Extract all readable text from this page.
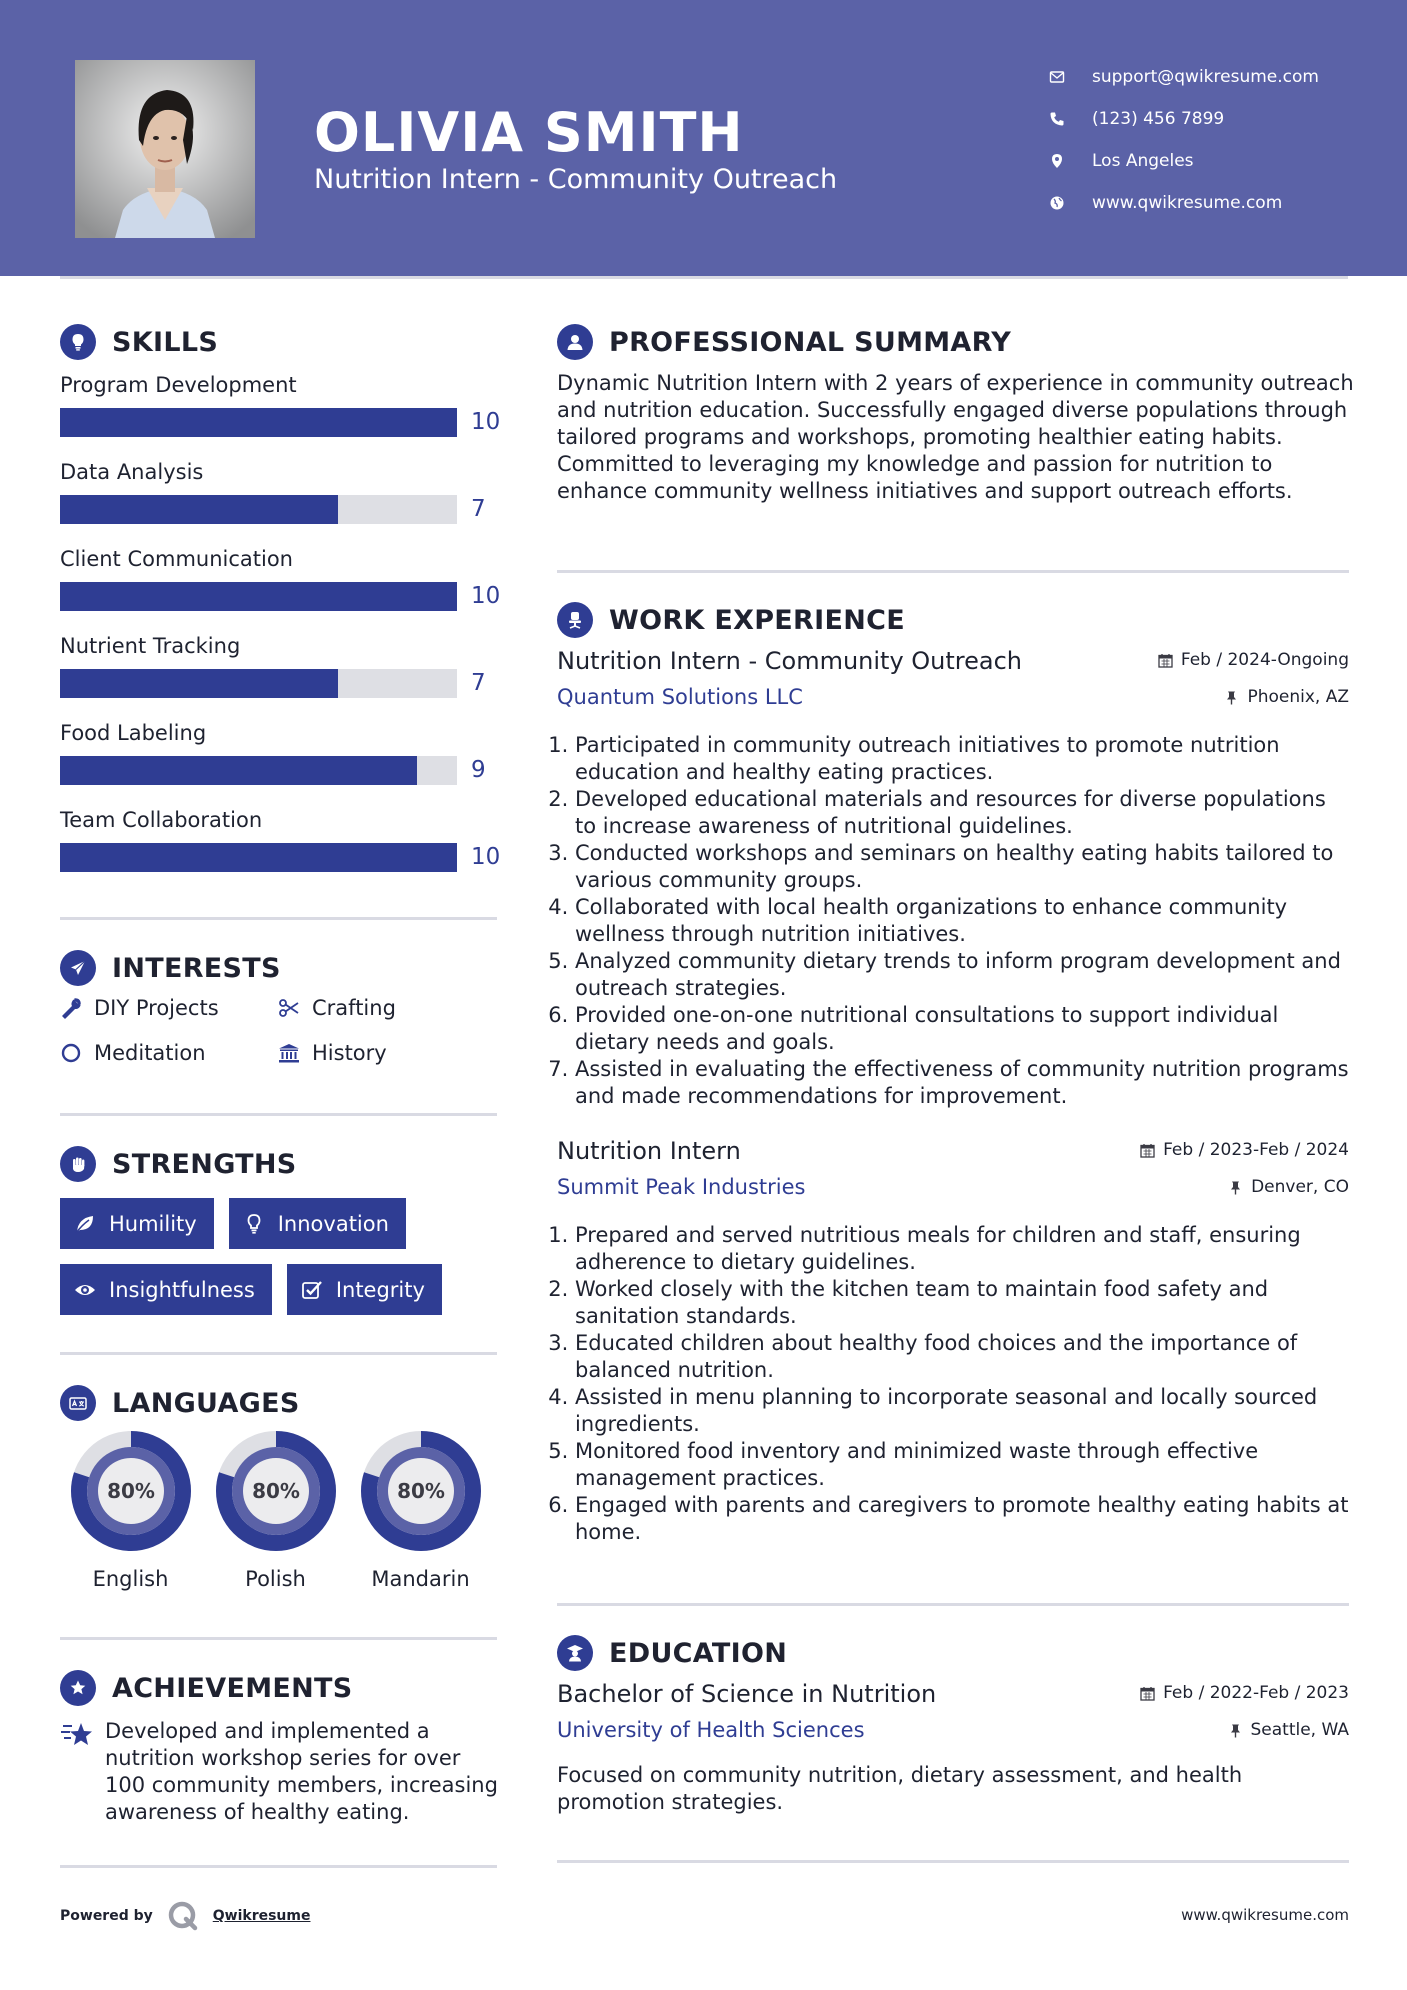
OLIVIA SMITH
Nutrition Intern - Community Outreach
support@qwikresume.com
(123) 456 7899
Los Angeles
www.qwikresume.com
SKILLS
Program Development
10
Data Analysis
7
Client Communication
10
Nutrient Tracking
7
Food Labeling
9
Team Collaboration
10
INTERESTS
DIY Projects	Crafting
Meditation	History
STRENGTHS
Humility	Innovation
Insightfulness	Integrity
LANGUAGES
80%
English
80%
Polish
80%
Mandarin
ACHIEVEMENTS
Developed and implemented a nutrition workshop series for over 100 community members, increasing awareness of healthy eating.
PROFESSIONAL SUMMARY
Dynamic Nutrition Intern with 2 years of experience in community outreach and nutrition education. Successfully engaged diverse populations through tailored programs and workshops, promoting healthier eating habits. Committed to leveraging my knowledge and passion for nutrition to enhance community wellness initiatives and support outreach efforts.
WORK EXPERIENCE
Nutrition Intern - Community Outreach	Feb / 2024-Ongoing
Quantum Solutions LLC	Phoenix, AZ
1. Participated in community outreach initiatives to promote nutrition education and healthy eating practices.
2. Developed educational materials and resources for diverse populations to increase awareness of nutritional guidelines.
3. Conducted workshops and seminars on healthy eating habits tailored to various community groups.
4. Collaborated with local health organizations to enhance community wellness through nutrition initiatives.
5. Analyzed community dietary trends to inform program development and outreach strategies.
6. Provided one-on-one nutritional consultations to support individual dietary needs and goals.
7. Assisted in evaluating the effectiveness of community nutrition programs and made recommendations for improvement.
Nutrition Intern	Feb / 2023-Feb / 2024
Summit Peak Industries	Denver, CO
1. Prepared and served nutritious meals for children and staff, ensuring adherence to dietary guidelines.
2. Worked closely with the kitchen team to maintain food safety and sanitation standards.
3. Educated children about healthy food choices and the importance of balanced nutrition.
4. Assisted in menu planning to incorporate seasonal and locally sourced ingredients.
5. Monitored food inventory and minimized waste through effective management practices.
6. Engaged with parents and caregivers to promote healthy eating habits at home.
EDUCATION
Bachelor of Science in Nutrition	Feb / 2022-Feb / 2023
University of Health Sciences	Seattle, WA
Focused on community nutrition, dietary assessment, and health promotion strategies.
Powered by	Qwikresume	www.qwikresume.com
